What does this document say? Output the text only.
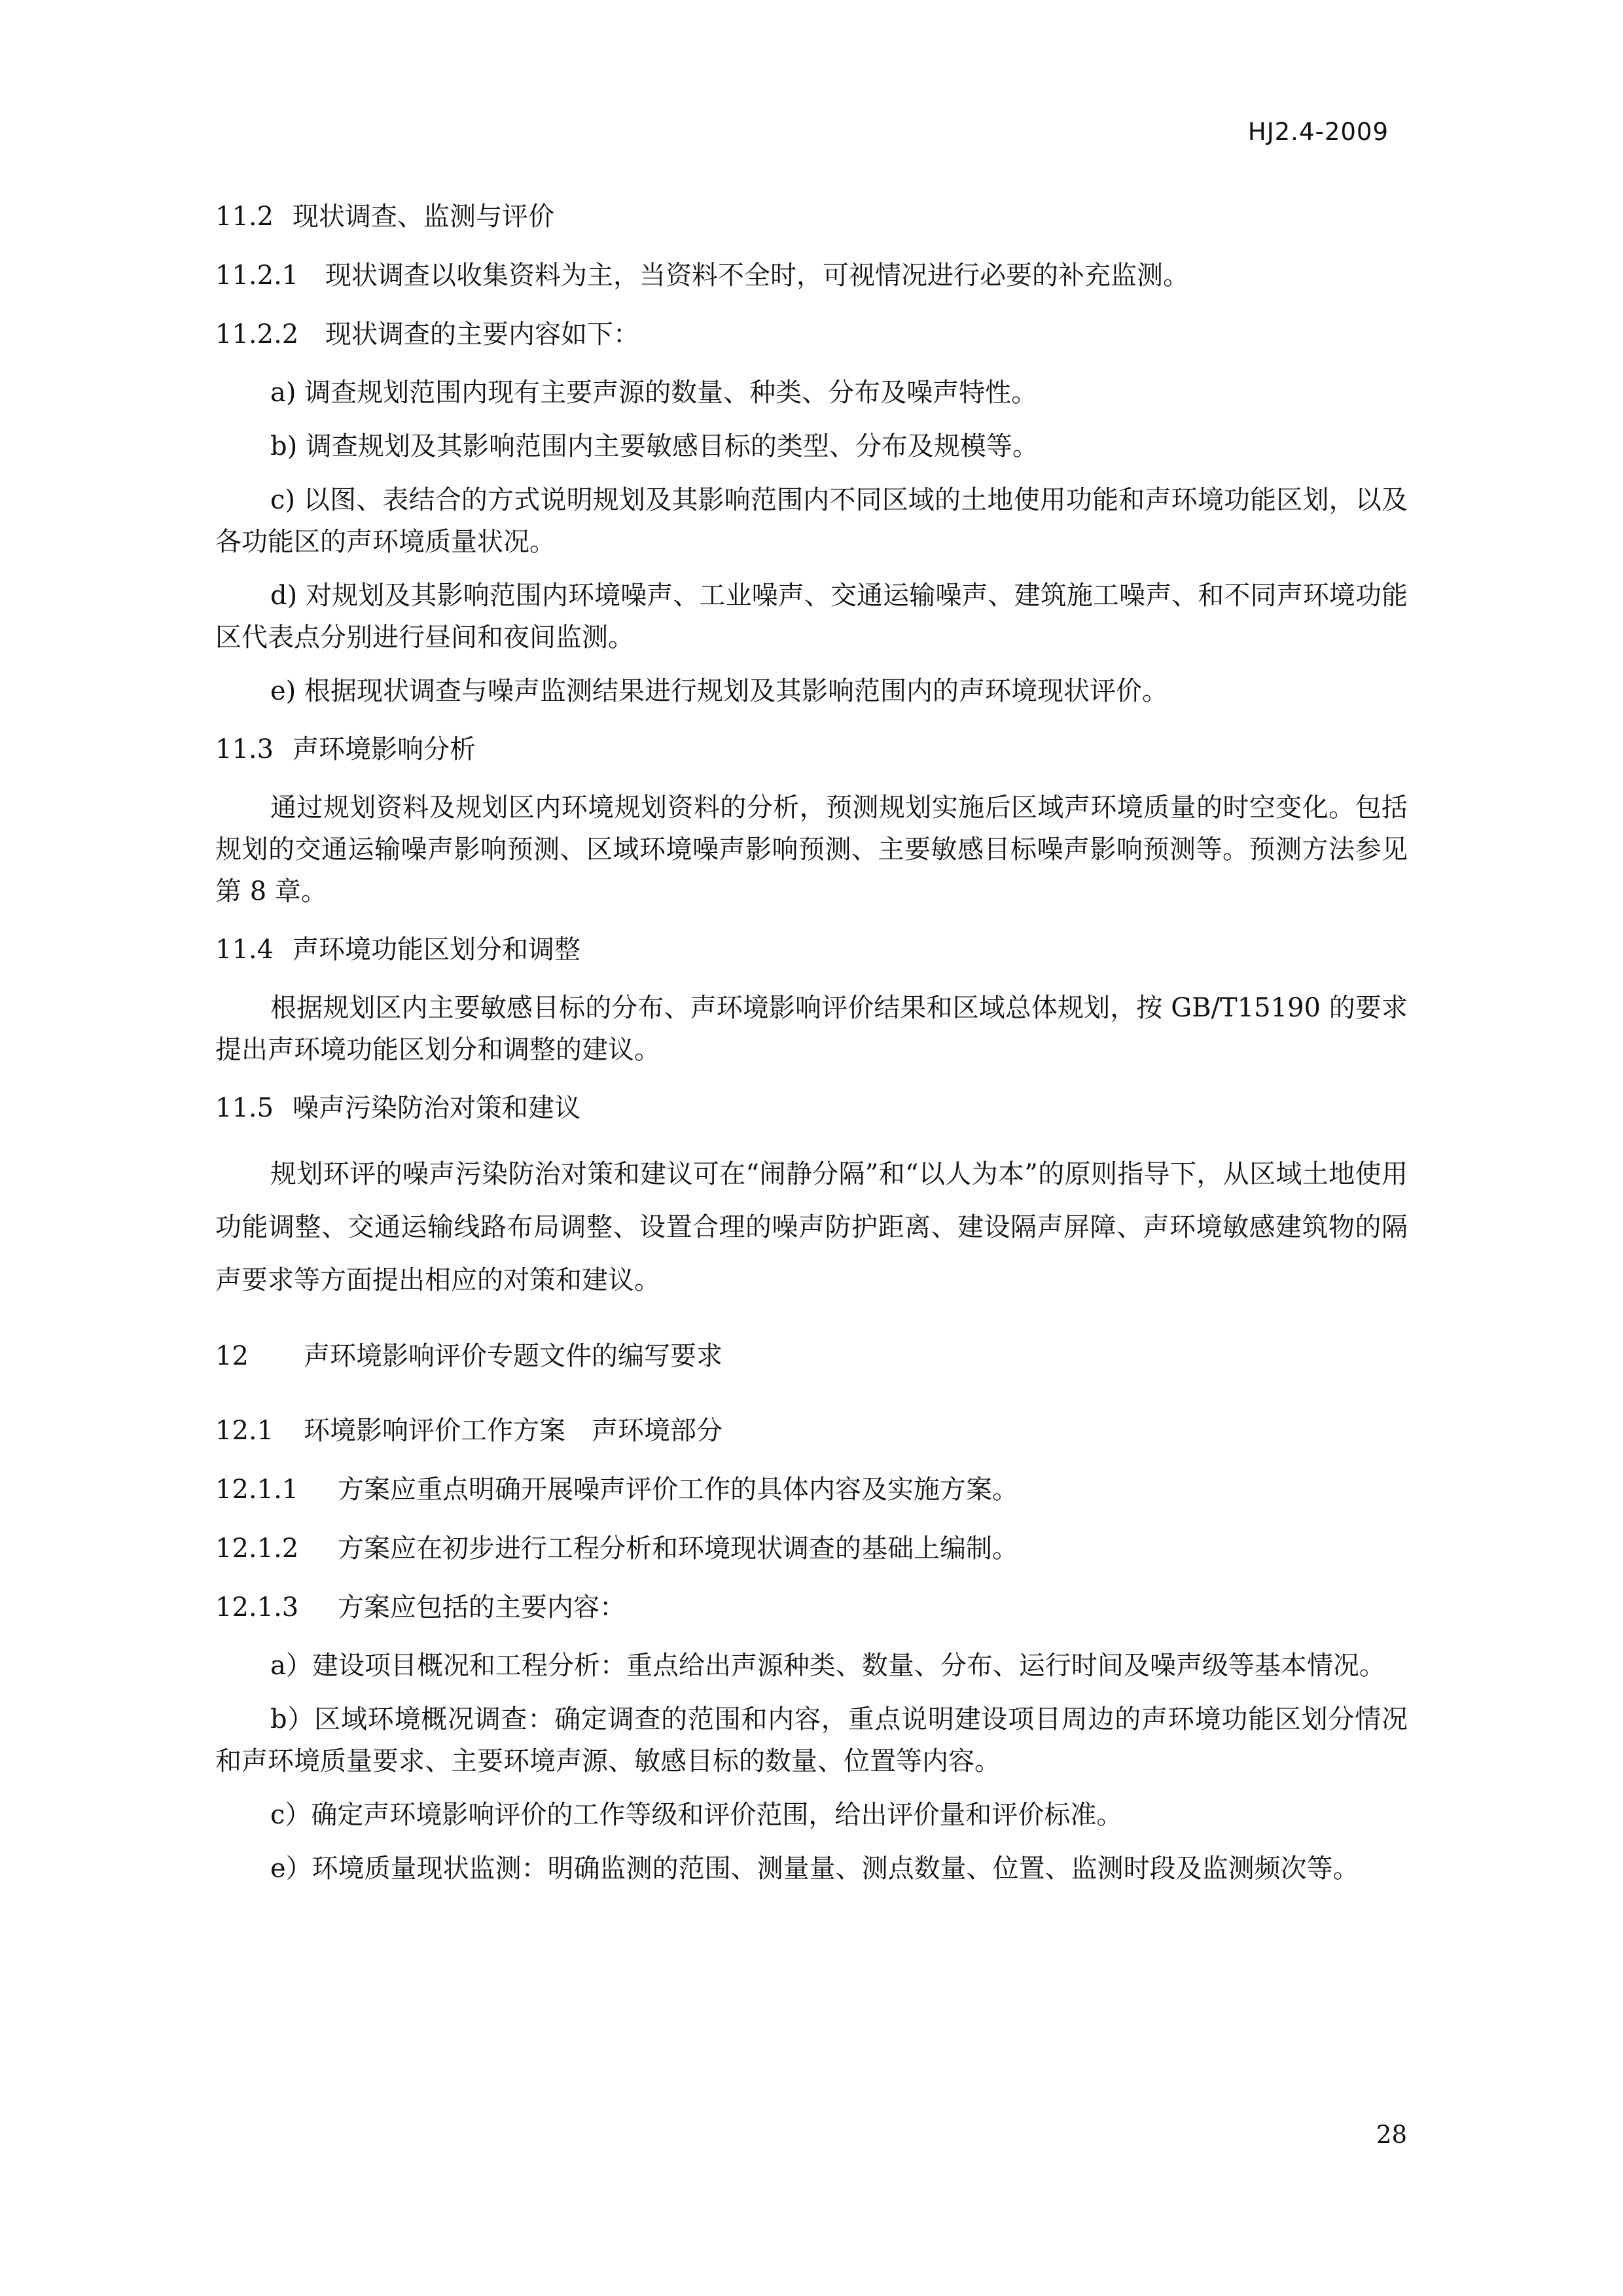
HJ2.4-2009

11.2 现状调查、监测与评价

11.2.1 现状调查以收集资料为主，当资料不全时，可视情况进行必要的补充监测。

11.2.2 现状调查的主要内容如下：

a) 调查规划范围内现有主要声源的数量、种类、分布及噪声特性。

b) 调查规划及其影响范围内主要敏感目标的类型、分布及规模等。

c) 以图、表结合的方式说明规划及其影响范围内不同区域的土地使用功能和声环境功能区划，以及各功能区的声环境质量状况。

d) 对规划及其影响范围内环境噪声、工业噪声、交通运输噪声、建筑施工噪声、和不同声环境功能区代表点分别进行昼间和夜间监测。

e) 根据现状调查与噪声监测结果进行规划及其影响范围内的声环境现状评价。

11.3 声环境影响分析

通过规划资料及规划区内环境规划资料的分析，预测规划实施后区域声环境质量的时空变化。包括规划的交通运输噪声影响预测、区域环境噪声影响预测、主要敏感目标噪声影响预测等。预测方法参见第 8 章。

11.4 声环境功能区划分和调整

根据规划区内主要敏感目标的分布、声环境影响评价结果和区域总体规划，按 GB/T15190 的要求提出声环境功能区划分和调整的建议。

11.5 噪声污染防治对策和建议

规划环评的噪声污染防治对策和建议可在“闹静分隔”和“以人为本”的原则指导下，从区域土地使用功能调整、交通运输线路布局调整、设置合理的噪声防护距离、建设隔声屏障、声环境敏感建筑物的隔声要求等方面提出相应的对策和建议。

12 声环境影响评价专题文件的编写要求

12.1 环境影响评价工作方案　声环境部分

12.1.1 方案应重点明确开展噪声评价工作的具体内容及实施方案。

12.1.2 方案应在初步进行工程分析和环境现状调查的基础上编制。

12.1.3 方案应包括的主要内容：

a）建设项目概况和工程分析：重点给出声源种类、数量、分布、运行时间及噪声级等基本情况。

b）区域环境概况调查：确定调查的范围和内容，重点说明建设项目周边的声环境功能区划分情况和声环境质量要求、主要环境声源、敏感目标的数量、位置等内容。

c）确定声环境影响评价的工作等级和评价范围，给出评价量和评价标准。

e）环境质量现状监测：明确监测的范围、测量量、测点数量、位置、监测时段及监测频次等。

28
